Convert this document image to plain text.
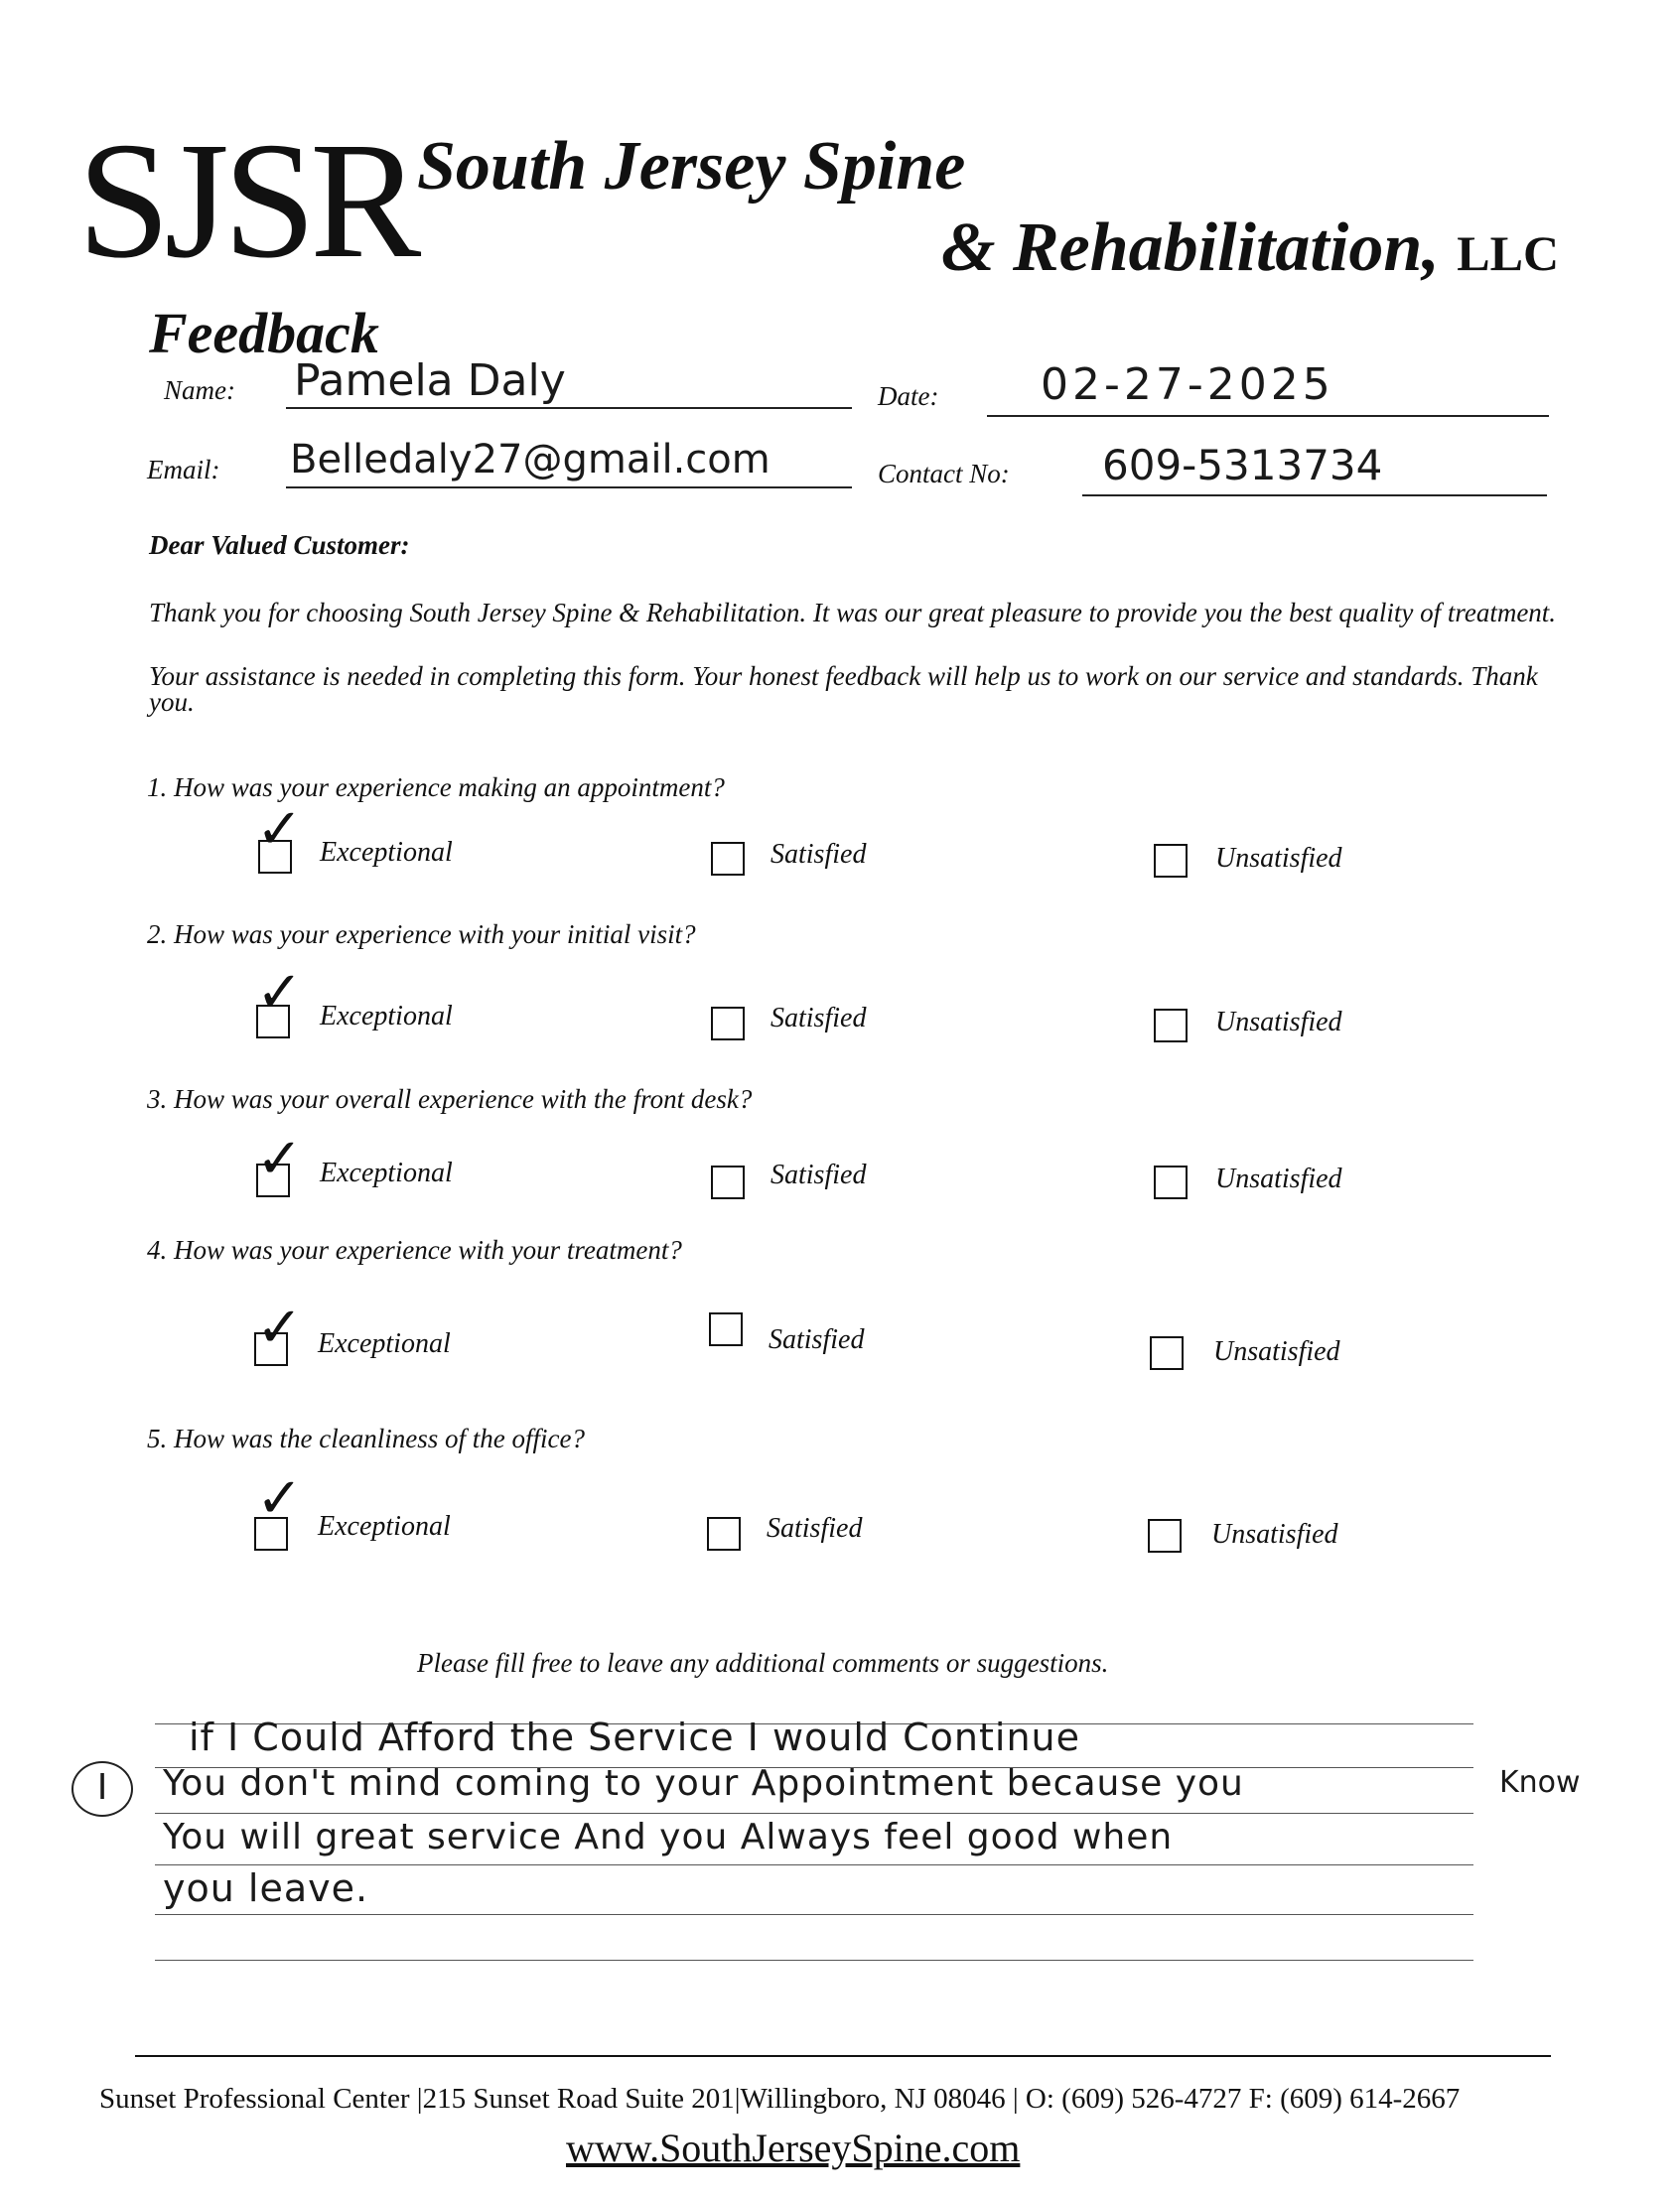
SJSR South Jersey Spine
& Rehabilitation, LLC
Feedback
Name: Pamela Daly	Date: 02-27-2025
Email: Belledaly27@gmail.com	Contact No: 609-5313734
Dear Valued Customer:
Thank you for choosing South Jersey Spine & Rehabilitation. It was our great pleasure to provide you the best quality of treatment.
Your assistance is needed in completing this form. Your honest feedback will help us to work on our service and standards. Thank you.
1. How was your experience making an appointment?
✓ Exceptional	Satisfied	Unsatisfied
2. How was your experience with your initial visit?
✓ Exceptional	Satisfied	Unsatisfied
3. How was your overall experience with the front desk?
✓ Exceptional	Satisfied	Unsatisfied
4. How was your experience with your treatment?
✓ Exceptional	Satisfied	Unsatisfied
5. How was the cleanliness of the office?
✓ Exceptional	Satisfied	Unsatisfied
Please fill free to leave any additional comments or suggestions.
I
if I Could Afford the Service I would Continue
You don't mind coming to your Appointment because you	Know
You will great service And you Always feel good when
you leave.
Sunset Professional Center |215 Sunset Road Suite 201|Willingboro, NJ 08046 | O: (609) 526-4727 F: (609) 614-2667
www.SouthJerseySpine.com
